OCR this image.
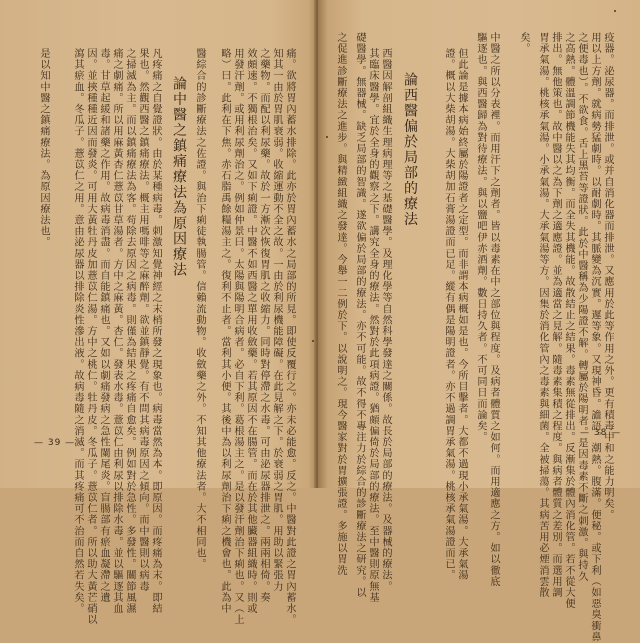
痛。欲將胃內蓄水排除。此亦於胃內蓄水之局部的所見。即使反覆行之。亦未必能愈。反之。中醫對此證之胃內蓄水。
知其一由於胃肌衰弱。收縮運動不全之故。一由於利尿機能障礙。在此見解之下。於衰弱之胃肌。用助以緊張力
之藥物。而配以利尿藥。故於一方漸次恢復胃肌之收縮力。同時對停滯之水毒。可由泌尿器排泄之。兩兩相倚。奏
效頗速。不獨根治矣。又如下痢證。中醫不如西醫之單用收斂藥。若其原因不在腸管。而在於其他臟器組織時。則或
用發汗劑。或用利尿劑治之。例如仲景曰。太陽與陽明合病者。必自下利。葛根湯主之。是以發汗劑治下痢也。又（上
略）曰。此利在下焦。赤石脂禹餘糧湯主之。復利不止者。當利其小便。其後中為以利尿劑治下痢之機會也。此為中
醫綜合的診斷療法之佐證。與治下痢徒執腸管。信賴流動物。收斂藥之外。不知其他療法者。大不相同也。
論中醫之鎮痛療法為原因療法
凡疼痛之自覺證狀。由於某種病毒。刺激知覺神經之末梢所發之現象也。病毒當然為本。即原因。而疼痛為末。即結
果也。然觀西醫之鎮痛療法。概主用嗎啡等之麻醉劑。欲並鎮靜覺。有不問其病毒原因之傾向。而中醫則以病毒
之掃滅為主。而以鎮痛療法為客。苟除去原因之病毒。則僅為結果之疼痛自愈矣。例如對於急性。多發性。關節風濕
痛之劇痛。所以用麻黃杏仁薏苡甘草湯者。方中之麻黃。杏仁。發表水毒。薏苡仁由利尿以排除水毒。並以驅逐其血
毒。甘草起緩和諸藥之作用。故病毒消盡。而自能鎮痛也。又如以劇痛發病之急性闌尾炎。盲腸部有瘀血凝滯之遺
因。並挾種種近因而發炎。可用大黃牡丹皮加薏苡仁湯。方中之桃仁。牡丹皮。冬瓜子。薏苡仁者。所以助大黃芒硝以
瀉其瘀血。冬瓜子。薏苡仁之用。意由泌尿器以排除炎性滲出液。故病毒隨之消滅。而其疼痛可不治而自然若失矣。
是以知中醫之鎮痛療法。為原因療法也。
— 39 —	疫器。泌尿器。而排泄。或并自消化器而排泄。又應用於此等作用之外。更有積毒中和之能力明矣。
用以上方劑。就病勢猛劇時。以耐劇時。其脈變為沉實。遲等象。又現神昏。譫語。潮熱。腹滿。便秘。或下利（如惡臭衝鼻
之便毒也）。不欲食。舌上黑苔等證狀。此於中醫稱為少陽證不解。轉屬於陽明者。是因毒素不斷之刺激。與持久
之高熱。體溫調節機能失其均衡。而全失其機能。故散結止之結果。毒素無從排出。反漸集於體內消化管。若不從大便
排出。無他策也。故中醫以之為下劑之適應證。並為適當之見解。隨毒素集積之程度。與病者體質之差別。而選用調
胃承氣湯。桃核承氣湯。小承氣湯。大承氣湯等方。因集於消化管內之毒素與細菌。全被掃蕩。其病苦用必煙消雲散
矣。
中醫之所以分表裡。而用汗下之劑者。皆以毒素在中之部位與程度。及病者體質之如何。而用適應之方。如以徹底
驅逐也。與西醫歸為對待療法。與以鹽吧伊赤酒劑。數日持久者。不可同日而論矣。
但此論是據本病始終屬於陽證者之定型。而非謂本病概如是也。今所目擊者。大都不過現小承氣湯。大承氣湯
證。概以大柴胡湯。大柴胡加石膏湯證而已足。縱有偶是陽明證者。亦不過調胃承氣湯。桃核承氣湯證而已。
論西醫偏於局部的療法
西醫因解剖組織生理病理等之基礎醫學。及理化學等自然科學發達之關係。故長於局部的療法。及器械的療法。
其臨床醫學。宜於全身的觀察之下。講究全身的療法。然對於此項病證。猶頗偏倚於局部的療法。至中醫則原無基
礎醫學。無器械。缺乏局部的智識。遂欲偏於局部的療法。亦不可能。故不得不專注力於綜合的診斷療法之研究。以
之促進診斷療法之進步。與精緻組織之發達。今舉一二例於下。以說明之。現今醫家對於胃擴張證。多施以胃洗	— 38 —
